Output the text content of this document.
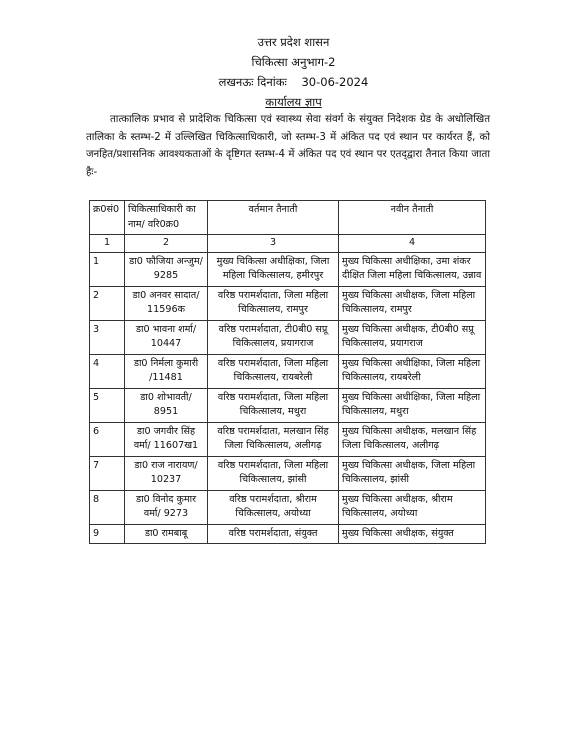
उत्तर प्रदेश शासन
चिकित्सा अनुभाग-2
लखनऊः दिनांकः    30-06-2024
कार्यालय ज्ञाप
तात्कालिक प्रभाव से प्रादेशिक चिकित्सा एवं स्वास्थ्य सेवा संवर्ग के संयुक्त निदेशक ग्रेड के अधोलिखित तालिका के स्तम्भ-2 में उल्लिखित चिकित्साधिकारी, जो स्तम्भ-3 में अंकित पद एवं स्थान पर कार्यरत हैं, को जनहित/प्रशासनिक आवश्यकताओं के दृष्टिगत स्तम्भ-4 में अंकित पद एवं स्थान पर एतद्‌द्वारा तैनात किया जाता हैः-
क्र0सं0	चिकित्साधिकारी का नाम/ वरि0क्र0	वर्तमान तैनाती	नवीन तैनाती
1	2	3	4
1	डा0 फौजिया अन्जुम/ 9285	मुख्य चिकित्सा अधीक्षिका, जिला महिला चिकित्सालय, हमीरपुर	मुख्य चिकित्सा अधीक्षिका, उमा शंकर दीक्षित जिला महिला चिकित्सालय, उन्नाव
2	डा0 अनवर सादात/ 11596क	वरिष्ठ परामर्शदाता, जिला महिला चिकित्सालय, रामपुर	मुख्य चिकित्सा अधीक्षक, जिला महिला चिकित्सालय, रामपुर
3	डा0 भावना शर्मा/ 10447	वरिष्ठ परामर्शदाता, टी0बी0 सप्रू चिकित्सालय, प्रयागराज	मुख्य चिकित्सा अधीक्षक, टी0बी0 सप्रू चिकित्सालय, प्रयागराज
4	डा0 निर्मला कुमारी /11481	वरिष्ठ परामर्शदाता, जिला महिला चिकित्सालय, रायबरेली	मुख्य चिकित्सा अधीक्षिका, जिला महिला चिकित्सालय, रायबरेली
5	डा0 शोभावती/ 8951	वरिष्ठ परामर्शदाता, जिला महिला चिकित्सालय, मथुरा	मुख्य चिकित्सा अधीक्षिका, जिला महिला चिकित्सालय, मथुरा
6	डा0 जगवीर सिंह वर्मा/ 11607ख1	वरिष्ठ परामर्शदाता, मलखान सिंह जिला चिकित्सालय, अलीगढ़	मुख्य चिकित्सा अधीक्षक, मलखान सिंह जिला चिकित्सालय, अलीगढ़
7	डा0 राज नारायण/ 10237	वरिष्ठ परामर्शदाता, जिला महिला चिकित्सालय, झांसी	मुख्य चिकित्सा अधीक्षक, जिला महिला चिकित्सालय, झांसी
8	डा0 विनोद कुमार वर्मा/ 9273	वरिष्ठ परामर्शदाता, श्रीराम चिकित्सालय, अयोध्या	मुख्य चिकित्सा अधीक्षक, श्रीराम चिकित्सालय, अयोध्या
9	डा0 रामबाबू	वरिष्ठ परामर्शदाता, संयुक्त	मुख्य चिकित्सा अधीक्षक, संयुक्त
